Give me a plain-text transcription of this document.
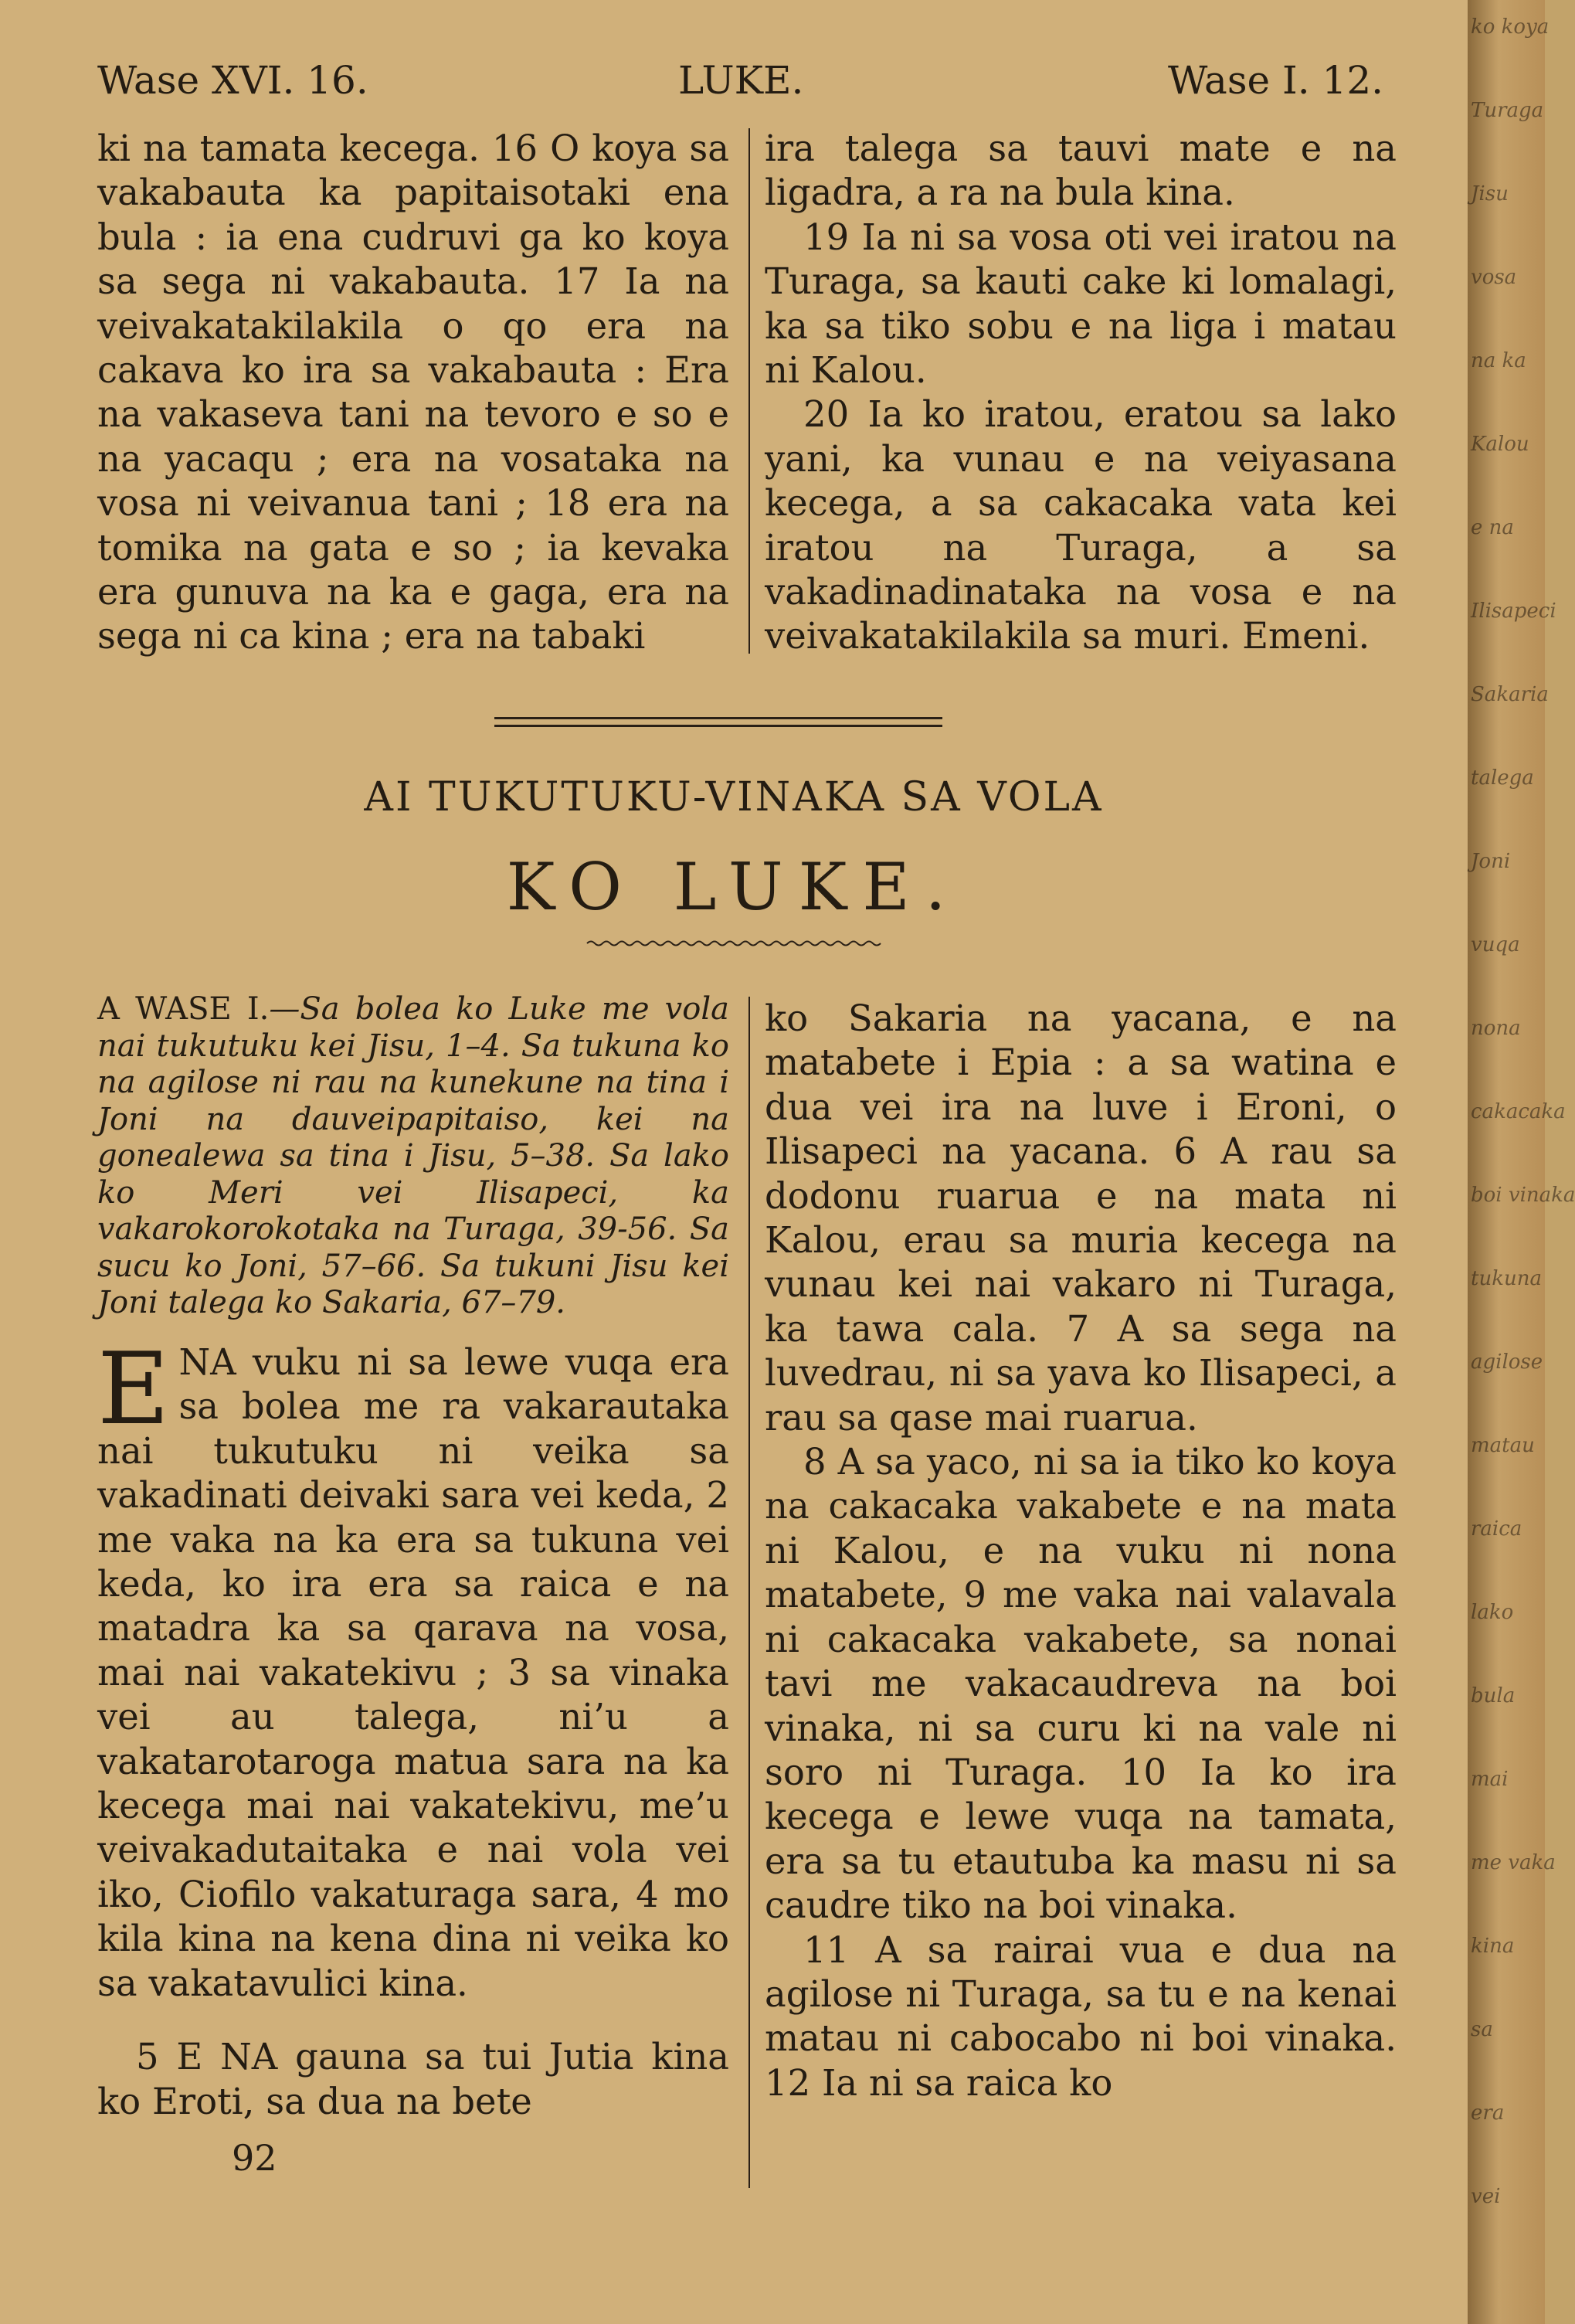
Wase XVI. 16.	LUKE.	Wase I. 12.

ki na tamata kecega. 16 O koya sa vakabauta ka papitaisotaki ena bula : ia ena cudruvi ga ko koya sa sega ni vakabauta. 17 Ia na veivakatakilakila o qo era na cakava ko ira sa vakabauta : Era na vakaseva tani na tevoro e so e na yacaqu ; era na vosataka na vosa ni veivanua tani ; 18 era na tomika na gata e so ; ia kevaka era gunuva na ka e gaga, era na sega ni ca kina ; era na tabaki

ira talega sa tauvi mate e na ligadra, a ra na bula kina.

19 Ia ni sa vosa oti vei iratou na Turaga, sa kauti cake ki lomalagi, ka sa tiko sobu e na liga i matau ni Kalou.

20 Ia ko iratou, eratou sa lako yani, ka vunau e na veiyasana kecega, a sa cakacaka vata kei iratou na Turaga, a sa vakadinadinataka na vosa e na veivakatakilakila sa muri. Emeni.

AI TUKUTUKU-VINAKA SA VOLA
KO LUKE.
A WASE I.—Sa bolea ko Luke me vola nai tukutuku kei Jisu, 1–4. Sa tukuna ko na agilose ni rau na kunekune na tina i Joni na dauveipapitaiso, kei na gonealewa sa tina i Jisu, 5–38. Sa lako ko Meri vei Ilisapeci, ka vakarokorokotaka na Turaga, 39-56. Sa sucu ko Joni, 57–66. Sa tukuni Jisu kei Joni talega ko Sakaria, 67–79.

ENA vuku ni sa lewe vuqa era sa bolea me ra vakarautaka nai tukutuku ni veika sa vakadinati deivaki sara vei keda, 2 me vaka na ka era sa tukuna vei keda, ko ira era sa raica e na matadra ka sa qarava na vosa, mai nai vakatekivu ; 3 sa vinaka vei au talega, ni’u a vakatarotaroga matua sara na ka kecega mai nai vakatekivu, me’u veivakadutaitaka e nai vola vei iko, Ciofilo vakaturaga sara, 4 mo kila kina na kena dina ni veika ko sa vakatavulici kina.

5 E NA gauna sa tui Jutia kina ko Eroti, sa dua na bete

ko Sakaria na yacana, e na matabete i Epia : a sa watina e dua vei ira na luve i Eroni, o Ilisapeci na yacana. 6 A rau sa dodonu ruarua e na mata ni Kalou, erau sa muria kecega na vunau kei nai vakaro ni Turaga, ka tawa cala. 7 A sa sega na luvedrau, ni sa yava ko Ilisapeci, a rau sa qase mai ruarua.

8 A sa yaco, ni sa ia tiko ko koya na cakacaka vakabete e na mata ni Kalou, e na vuku ni nona matabete, 9 me vaka nai valavala ni cakacaka vakabete, sa nonai tavi me vakacaudreva na boi vinaka, ni sa curu ki na vale ni soro ni Turaga. 10 Ia ko ira kecega e lewe vuqa na tamata, era sa tu etautuba ka masu ni sa caudre tiko na boi vinaka.

11 A sa rairai vua e dua na agilose ni Turaga, sa tu e na kenai matau ni cabocabo ni boi vinaka. 12 Ia ni sa raica ko

92
ko koya
Turaga
Jisu
vosa
na ka
Kalou
e na
Ilisapeci
Sakaria
talega
Joni
vuqa
nona
cakacaka
boi vinaka
tukuna
agilose
matau
raica
lako
bula
mai
me vaka
kina
sa
era
vei
